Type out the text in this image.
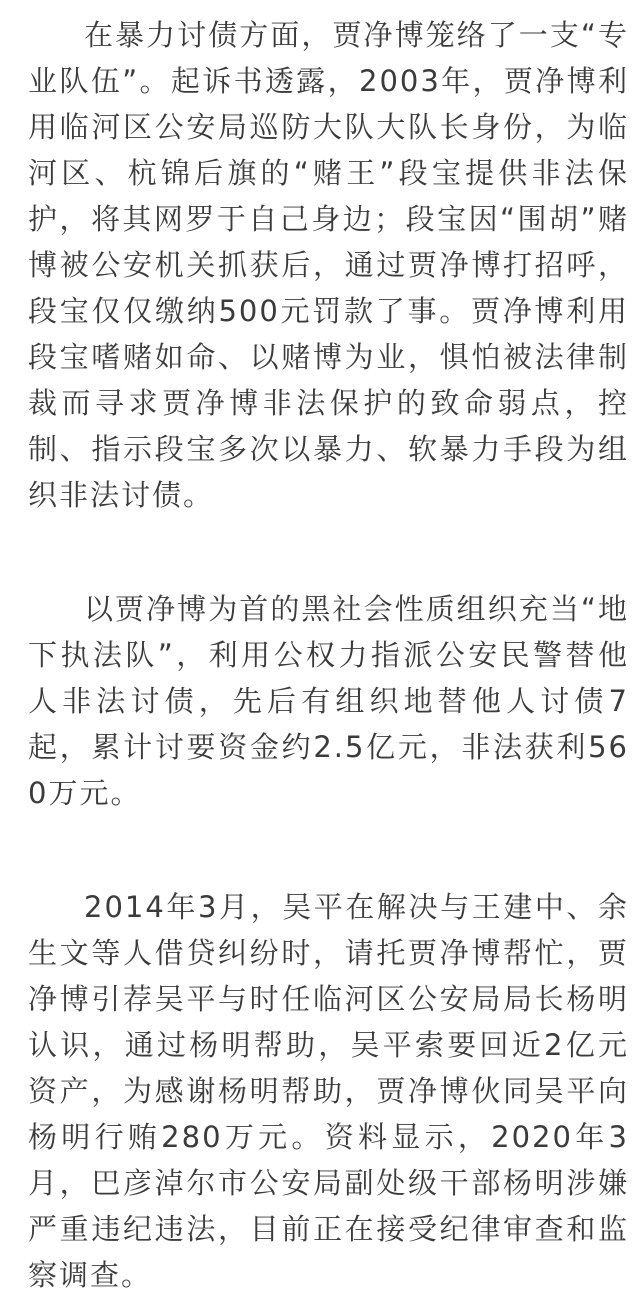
在暴力讨债方面，贾净博笼络了一支“专业队伍”。起诉书透露，2003年，贾净博利用临河区公安局巡防大队大队长身份，为临河区、杭锦后旗的“赌王”段宝提供非法保护，将其网罗于自己身边；段宝因“围胡”赌博被公安机关抓获后，通过贾净博打招呼，段宝仅仅缴纳500元罚款了事。贾净博利用段宝嗜赌如命、以赌博为业，惧怕被法律制裁而寻求贾净博非法保护的致命弱点，控制、指示段宝多次以暴力、软暴力手段为组织非法讨债。

以贾净博为首的黑社会性质组织充当“地下执法队”，利用公权力指派公安民警替他人非法讨债，先后有组织地替他人讨债7起，累计讨要资金约2.5亿元，非法获利560万元。

2014年3月，吴平在解决与王建中、余生文等人借贷纠纷时，请托贾净博帮忙，贾净博引荐吴平与时任临河区公安局局长杨明认识，通过杨明帮助，吴平索要回近2亿元资产，为感谢杨明帮助，贾净博伙同吴平向杨明行贿280万元。资料显示，2020年3月，巴彦淖尔市公安局副处级干部杨明涉嫌严重违纪违法，目前正在接受纪律审查和监察调查。
